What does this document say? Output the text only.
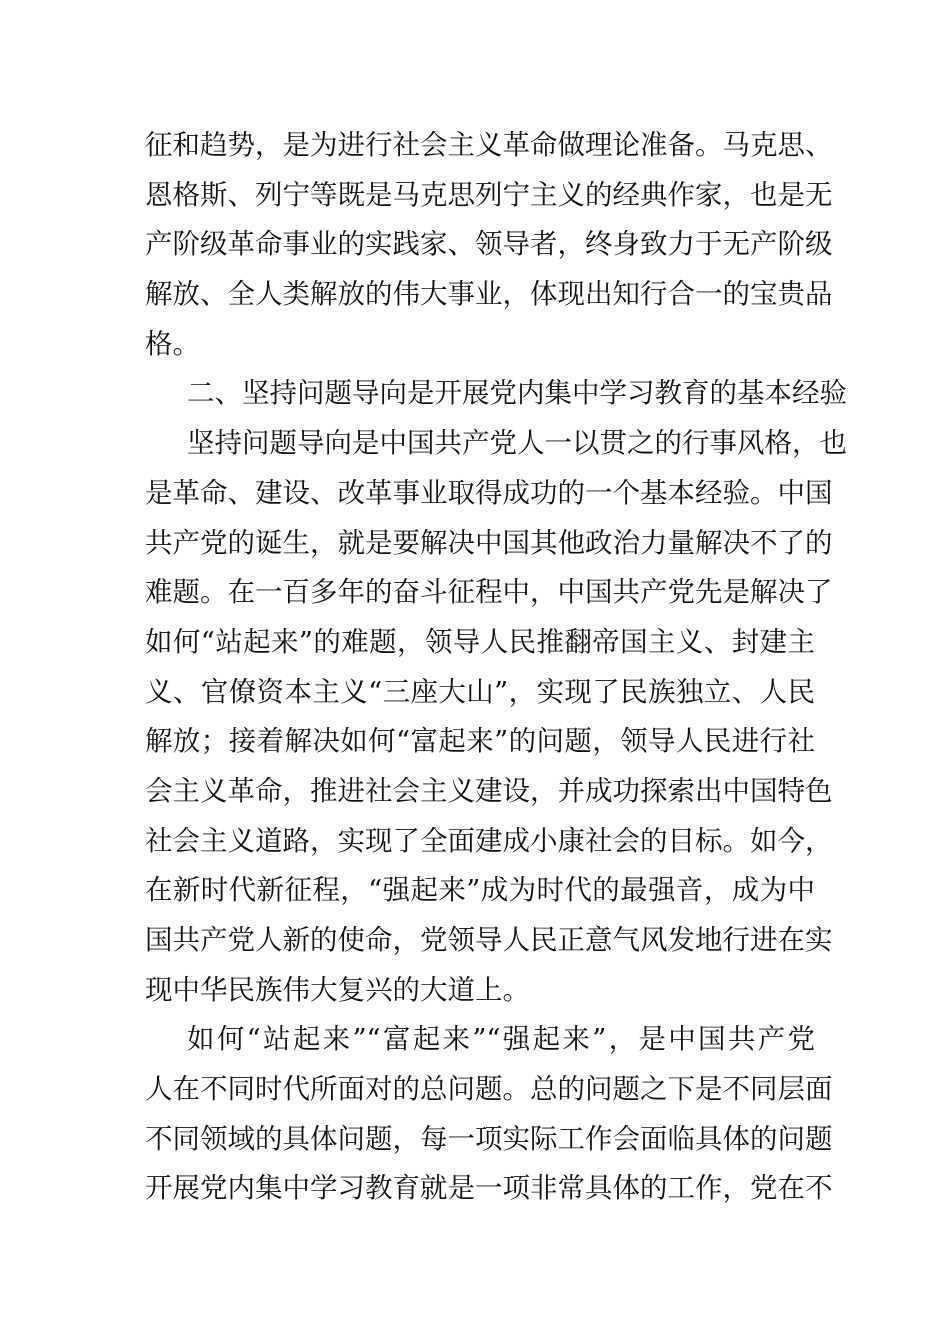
征和趋势，是为进行社会主义革命做理论准备。马克思、
恩格斯、列宁等既是马克思列宁主义的经典作家，也是无
产阶级革命事业的实践家、领导者，终身致力于无产阶级
解放、全人类解放的伟大事业，体现出知行合一的宝贵品
格。
二、坚持问题导向是开展党内集中学习教育的基本经验
坚持问题导向是中国共产党人一以贯之的行事风格，也
是革命、建设、改革事业取得成功的一个基本经验。中国
共产党的诞生，就是要解决中国其他政治力量解决不了的
难题。在一百多年的奋斗征程中，中国共产党先是解决了
如何“站起来”的难题，领导人民推翻帝国主义、封建主
义、官僚资本主义“三座大山”，实现了民族独立、人民
解放；接着解决如何“富起来”的问题，领导人民进行社
会主义革命，推进社会主义建设，并成功探索出中国特色
社会主义道路，实现了全面建成小康社会的目标。如今，
在新时代新征程，“强起来”成为时代的最强音，成为中
国共产党人新的使命，党领导人民正意气风发地行进在实
现中华民族伟大复兴的大道上。
如何“站起来”“富起来”“强起来”，是中国共产党
人在不同时代所面对的总问题。总的问题之下是不同层面
不同领域的具体问题，每一项实际工作会面临具体的问题
开展党内集中学习教育就是一项非常具体的工作，党在不
